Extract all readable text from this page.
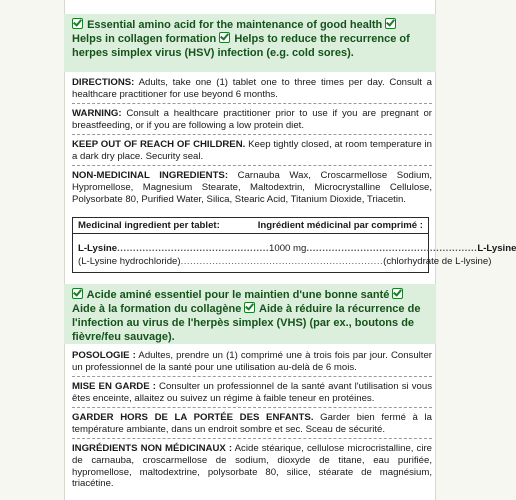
Essential amino acid for the maintenance of good health  Helps in collagen formation Helps to reduce the recurrence of herpes simplex virus (HSV) infection (e.g. cold sores).
DIRECTIONS: Adults, take one (1) tablet one to three times per day. Consult a healthcare practitioner for use beyond 6 months.
WARNING: Consult a healthcare practitioner prior to use if you are pregnant or breastfeeding, or if you are following a low protein diet.
KEEP OUT OF REACH OF CHILDREN. Keep tightly closed, at room temperature in a dark dry place. Security seal.
NON-MEDICINAL INGREDIENTS: Carnauba Wax, Croscarmellose Sodium, Hypromellose, Magnesium Stearate, Maltodextrin, Microcrystalline Cellulose, Polysorbate 80, Purified Water, Silica, Stearic Acid, Titanium Dioxide, Triacetin.
Medicinal ingredient per tablet:	Ingrédient médicinal par comprimé :
L-Lysine ................................................ 1000 mg ...................................................... L-Lysine
(L-Lysine hydrochloride) ................................................................ (chlorhydrate de L-lysine)
Acide aminé essentiel pour le maintien d'une bonne santé  Aide à la formation du collagène Aide à réduire la récurrence de l'infection au virus de l'herpès simplex (VHS) (par ex., boutons de fièvre/feu sauvage).
POSOLOGIE : Adultes, prendre un (1) comprimé une à trois fois par jour. Consulter un professionnel de la santé pour une utilisation au-delà de 6 mois.
MISE EN GARDE : Consulter un professionnel de la santé avant l'utilisation si vous êtes enceinte, allaitez ou suivez un régime à faible teneur en protéines.
GARDER HORS DE LA PORTÉE DES ENFANTS. Garder bien fermé à la température ambiante, dans un endroit sombre et sec. Sceau de sécurité.
INGRÉDIENTS NON MÉDICINAUX : Acide stéarique, cellulose microcristalline, cire de carnauba, croscarmellose de sodium, dioxyde de titane, eau purifiée, hypromellose, maltodextrine, polysorbate 80, silice, stéarate de magnésium, triacétine.
